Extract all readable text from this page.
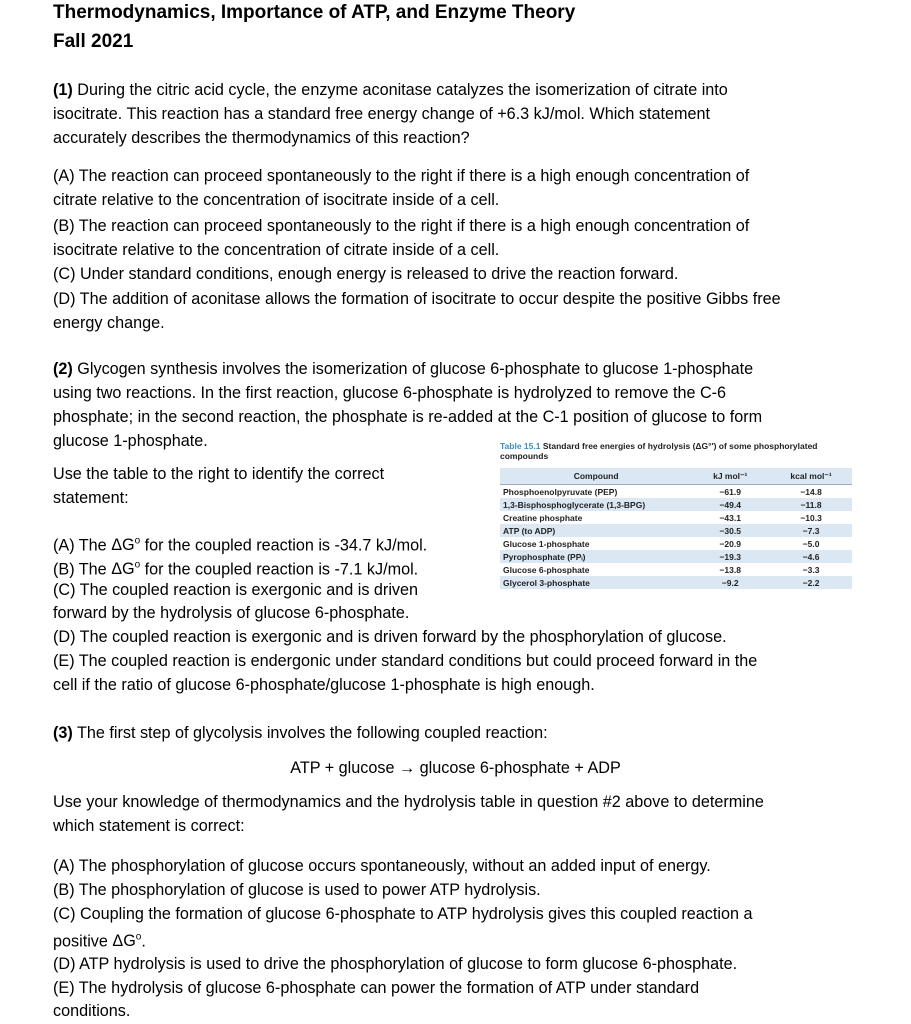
Thermodynamics, Importance of ATP, and Enzyme Theory
Fall 2021
(1) During the citric acid cycle, the enzyme aconitase catalyzes the isomerization of citrate into
isocitrate. This reaction has a standard free energy change of +6.3 kJ/mol. Which statement
accurately describes the thermodynamics of this reaction?
(A) The reaction can proceed spontaneously to the right if there is a high enough concentration of
citrate relative to the concentration of isocitrate inside of a cell.
(B) The reaction can proceed spontaneously to the right if there is a high enough concentration of
isocitrate relative to the concentration of citrate inside of a cell.
(C) Under standard conditions, enough energy is released to drive the reaction forward.
(D) The addition of aconitase allows the formation of isocitrate to occur despite the positive Gibbs free
energy change.
(2) Glycogen synthesis involves the isomerization of glucose 6-phosphate to glucose 1-phosphate
using two reactions. In the first reaction, glucose 6-phosphate is hydrolyzed to remove the C-6
phosphate; in the second reaction, the phosphate is re-added at the C-1 position of glucose to form
glucose 1-phosphate.
Use the table to the right to identify the correct
statement:
(A) The $\Delta G^o$ for the coupled reaction is -34.7 kJ/mol.
(B) The $\Delta G^o$ for the coupled reaction is -7.1 kJ/mol.
(C) The coupled reaction is exergonic and is driven
forward by the hydrolysis of glucose 6-phosphate.
(D) The coupled reaction is exergonic and is driven forward by the phosphorylation of glucose.
(E) The coupled reaction is endergonic under standard conditions but could proceed forward in the
cell if the ratio of glucose 6-phosphate/glucose 1-phosphate is high enough.
Table 15.1 Standard free energies of hydrolysis (ΔG°′) of some phosphorylated
compounds
Compound	kJ mol⁻¹	kcal mol⁻¹
Phosphoenolpyruvate (PEP)	−61.9	−14.8
1,3-Bisphosphoglycerate (1,3-BPG)	−49.4	−11.8
Creatine phosphate	−43.1	−10.3
ATP (to ADP)	−30.5	−7.3
Glucose 1-phosphate	−20.9	−5.0
Pyrophosphate (PPᵢ)	−19.3	−4.6
Glucose 6-phosphate	−13.8	−3.3
Glycerol 3-phosphate	−9.2	−2.2
(3) The first step of glycolysis involves the following coupled reaction:
ATP + glucose → glucose 6-phosphate + ADP
Use your knowledge of thermodynamics and the hydrolysis table in question #2 above to determine
which statement is correct:
(A) The phosphorylation of glucose occurs spontaneously, without an added input of energy.
(B) The phosphorylation of glucose is used to power ATP hydrolysis.
(C) Coupling the formation of glucose 6-phosphate to ATP hydrolysis gives this coupled reaction a
positive $\Delta G^o$.
(D) ATP hydrolysis is used to drive the phosphorylation of glucose to form glucose 6-phosphate.
(E) The hydrolysis of glucose 6-phosphate can power the formation of ATP under standard
conditions.
